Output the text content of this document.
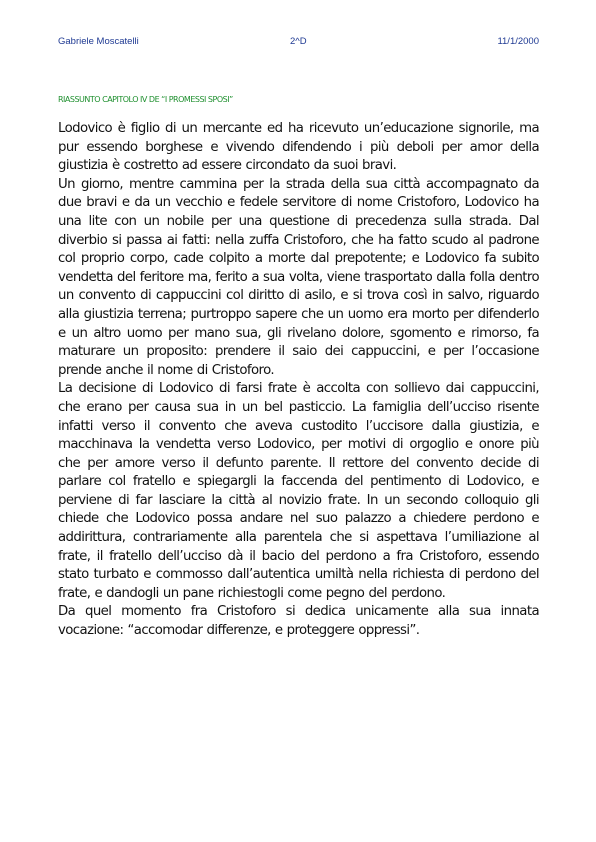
Gabriele Moscatelli	2^D	11/1/2000
RIASSUNTO CAPITOLO IV DE “I PROMESSI SPOSI”

Lodovico è figlio di un mercante ed ha ricevuto un’educazione signorile, ma pur essendo borghese e vivendo difendendo i più deboli per amor della giustizia è costretto ad essere circondato da suoi bravi.

Un giorno, mentre cammina per la strada della sua città accompagnato da due bravi e da un vecchio e fedele servitore di nome Cristoforo, Lodovico ha una lite con un nobile per una questione di precedenza sulla strada. Dal diverbio si passa ai fatti: nella zuffa Cristoforo, che ha fatto scudo al padrone col proprio corpo, cade colpito a morte dal prepotente; e Lodovico fa subito vendetta del feritore ma, ferito a sua volta, viene trasportato dalla folla dentro un convento di cappuccini col diritto di asilo, e si trova così in salvo, riguardo alla giustizia terrena; purtroppo sapere che un uomo era morto per difenderlo e un altro uomo per mano sua, gli rivelano dolore, sgomento e rimorso, fa maturare un proposito: prendere il saio dei cappuccini, e per l’occasione prende anche il nome di Cristoforo.

La decisione di Lodovico di farsi frate è accolta con sollievo dai cappuccini, che erano per causa sua in un bel pasticcio. La famiglia dell’ucciso risente infatti verso il convento che aveva custodito l’uccisore dalla giustizia, e macchinava la vendetta verso Lodovico, per motivi di orgoglio e onore più che per amore verso il defunto parente. Il rettore del convento decide di parlare col fratello e spiegargli la faccenda del pentimento di Lodovico, e perviene di far lasciare la città al novizio frate. In un secondo colloquio gli chiede che Lodovico possa andare nel suo palazzo a chiedere perdono e addirittura, contrariamente alla parentela che si aspettava l’umiliazione al frate, il fratello dell’ucciso dà il bacio del perdono a fra Cristoforo, essendo stato turbato e commosso dall’autentica umiltà nella richiesta di perdono del frate, e dandogli un pane richiestogli come pegno del perdono.

Da quel momento fra Cristoforo si dedica unicamente alla sua innata vocazione: “accomodar differenze, e proteggere oppressi”.
